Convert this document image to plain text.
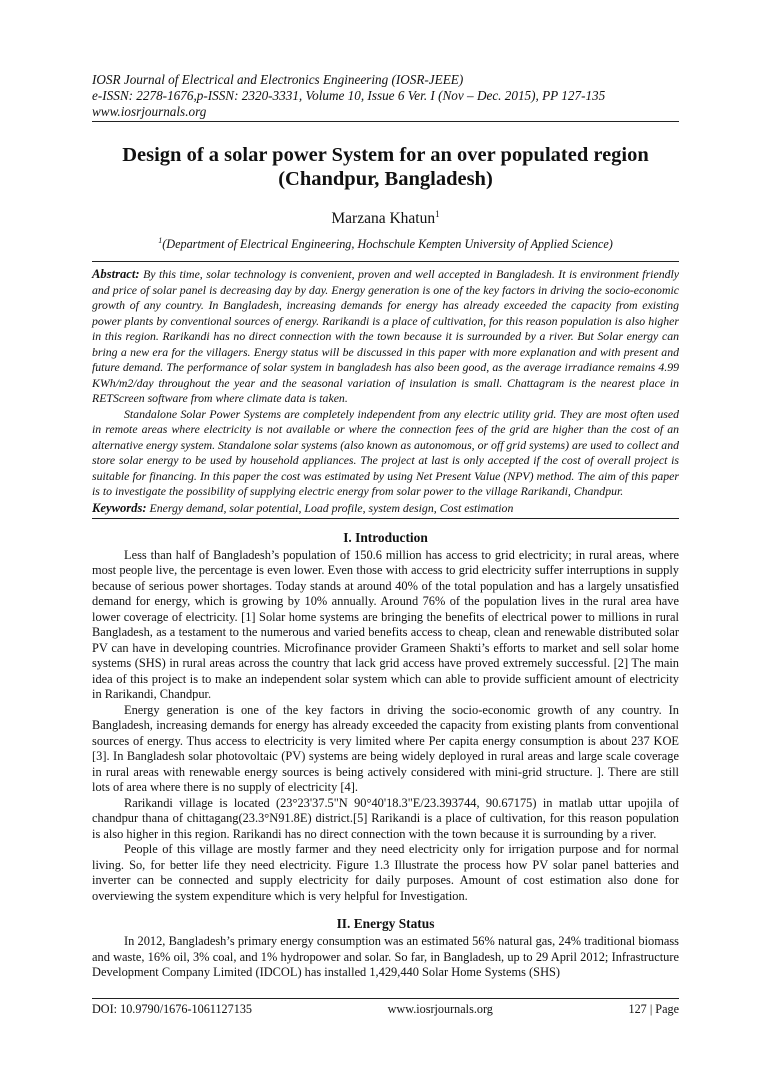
IOSR Journal of Electrical and Electronics Engineering (IOSR-JEEE)
e-ISSN: 2278-1676,p-ISSN: 2320-3331, Volume 10, Issue 6 Ver. I (Nov – Dec. 2015), PP 127-135
www.iosrjournals.org
Design of a solar power System for an over populated region
(Chandpur, Bangladesh)
Marzana Khatun$^1$
$^1$(Department of Electrical Engineering, Hochschule Kempten University of Applied Science)

Abstract: By this time, solar technology is convenient, proven and well accepted in Bangladesh. It is environment friendly and price of solar panel is decreasing day by day. Energy generation is one of the key factors in driving the socio-economic growth of any country. In Bangladesh, increasing demands for energy has already exceeded the capacity from existing power plants by conventional sources of energy. Rarikandi is a place of cultivation, for this reason population is also higher in this region. Rarikandi has no direct connection with the town because it is surrounded by a river. But Solar energy can bring a new era for the villagers. Energy status will be discussed in this paper with more explanation and with present and future demand. The performance of solar system in bangladesh has also been good, as the average irradiance remains 4.99 KWh/m2/day throughout the year and the seasonal variation of insulation is small. Chattagram is the nearest place in RETScreen software from where climate data is taken.

Standalone Solar Power Systems are completely independent from any electric utility grid. They are most often used in remote areas where electricity is not available or where the connection fees of the grid are higher than the cost of an alternative energy system. Standalone solar systems (also known as autonomous, or off grid systems) are used to collect and store solar energy to be used by household appliances. The project at last is only accepted if the cost of overall project is suitable for financing. In this paper the cost was estimated by using Net Present Value (NPV) method. The aim of this paper is to investigate the possibility of supplying electric energy from solar power to the village Rarikandi, Chandpur.

Keywords: Energy demand, solar potential, Load profile, system design, Cost estimation
I. Introduction

Less than half of Bangladesh’s population of 150.6 million has access to grid electricity; in rural areas, where most people live, the percentage is even lower. Even those with access to grid electricity suffer interruptions in supply because of serious power shortages. Today stands at around 40% of the total population and has a largely unsatisfied demand for energy, which is growing by 10% annually. Around 76% of the population lives in the rural area have lower coverage of electricity. [1] Solar home systems are bringing the benefits of electrical power to millions in rural Bangladesh, as a testament to the numerous and varied benefits access to cheap, clean and renewable distributed solar PV can have in developing countries. Microfinance provider Grameen Shakti’s efforts to market and sell solar home systems (SHS) in rural areas across the country that lack grid access have proved extremely successful. [2] The main idea of this project is to make an independent solar system which can able to provide sufficient amount of electricity in Rarikandi, Chandpur.

Energy generation is one of the key factors in driving the socio-economic growth of any country. In Bangladesh, increasing demands for energy has already exceeded the capacity from existing plants from conventional sources of energy. Thus access to electricity is very limited where Per capita energy consumption is about 237 KOE [3]. In Bangladesh solar photovoltaic (PV) systems are being widely deployed in rural areas and large scale coverage in rural areas with renewable energy sources is being actively considered with mini-grid structure. ]. There are still lots of area where there is no supply of electricity [4].

Rarikandi village is located (23°23'37.5"N 90°40'18.3"E/23.393744, 90.67175) in matlab uttar upojila of chandpur thana of chittagang(23.3°N91.8E) district.[5] Rarikandi is a place of cultivation, for this reason population is also higher in this region. Rarikandi has no direct connection with the town because it is surrounding by a river.

People of this village are mostly farmer and they need electricity only for irrigation purpose and for normal living. So, for better life they need electricity. Figure 1.3 Illustrate the process how PV solar panel batteries and inverter can be connected and supply electricity for daily purposes. Amount of cost estimation also done for overviewing the system expenditure which is very helpful for Investigation.

II. Energy Status

In 2012, Bangladesh’s primary energy consumption was an estimated 56% natural gas, 24% traditional biomass and waste, 16% oil, 3% coal, and 1% hydropower and solar. So far, in Bangladesh, up to 29 April 2012; Infrastructure Development Company Limited (IDCOL) has installed 1,429,440 Solar Home Systems (SHS)

DOI: 10.9790/1676-1061127135	www.iosrjournals.org	127 | Page
